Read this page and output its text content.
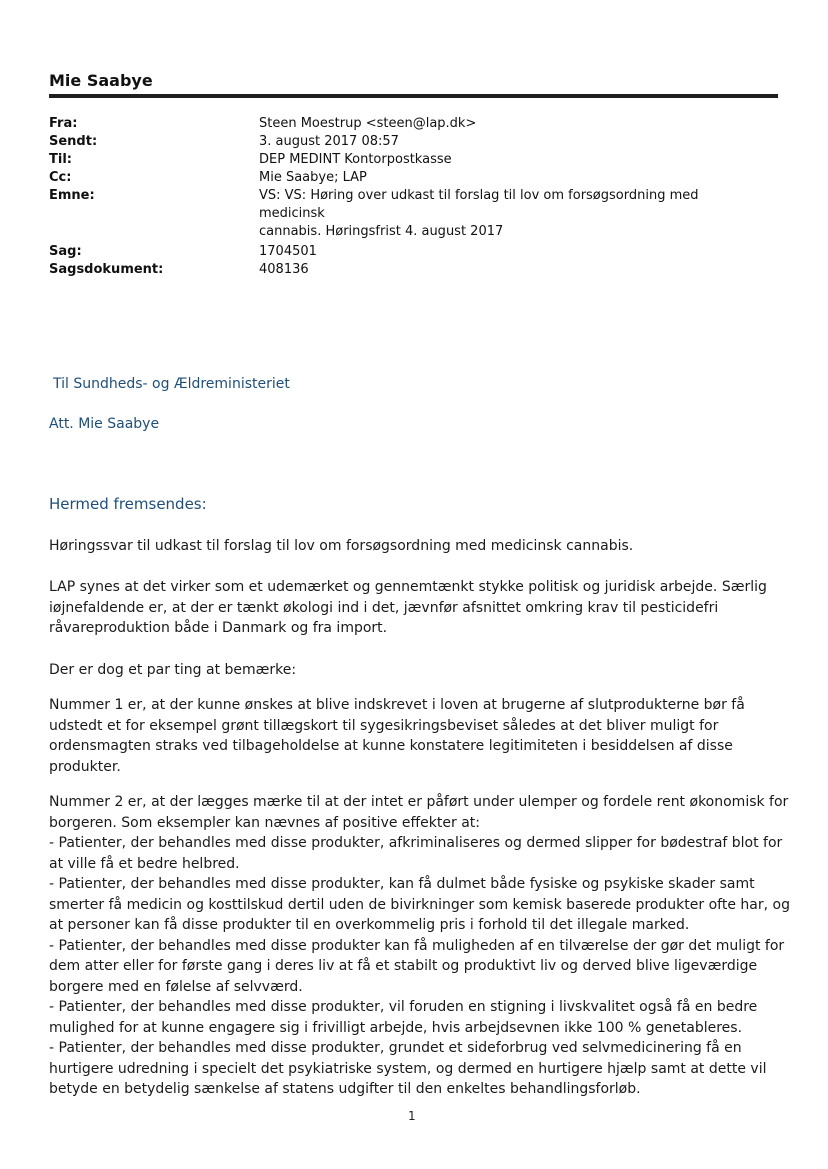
Mie Saabye
Fra:	Steen Moestrup <steen@lap.dk>
Sendt:	3. august 2017 08:57
Til:	DEP MEDINT Kontorpostkasse
Cc:	Mie Saabye; LAP
Emne:	VS: VS: Høring over udkast til forslag til lov om forsøgsordning med medicinsk
cannabis. Høringsfrist 4. august 2017
Sag:	1704501
Sagsdokument:	408136
Til Sundheds- og Ældreministeriet
Att. Mie Saabye
Hermed fremsendes:
Høringssvar til udkast til forslag til lov om forsøgsordning med medicinsk cannabis.
LAP synes at det virker som et udemærket og gennemtænkt stykke politisk og juridisk arbejde. Særlig
iøjnefaldende er, at der er tænkt økologi ind i det, jævnfør afsnittet omkring krav til pesticidefri
råvareproduktion både i Danmark og fra import.
Der er dog et par ting at bemærke:
Nummer 1 er, at der kunne ønskes at blive indskrevet i loven at brugerne af slutprodukterne bør få
udstedt et for eksempel grønt tillægskort til sygesikringsbeviset således at det bliver muligt for
ordensmagten straks ved tilbageholdelse at kunne konstatere legitimiteten i besiddelsen af disse
produkter.
Nummer 2 er, at der lægges mærke til at der intet er påført under ulemper og fordele rent økonomisk for
borgeren. Som eksempler kan nævnes af positive effekter at:
- Patienter, der behandles med disse produkter, afkriminaliseres og dermed slipper for bødestraf blot for
at ville få et bedre helbred.
- Patienter, der behandles med disse produkter, kan få dulmet både fysiske og psykiske skader samt
smerter få medicin og kosttilskud dertil uden de bivirkninger som kemisk baserede produkter ofte har, og
at personer kan få disse produkter til en overkommelig pris i forhold til det illegale marked.
- Patienter, der behandles med disse produkter kan få muligheden af en tilværelse der gør det muligt for
dem atter eller for første gang i deres liv at få et stabilt og produktivt liv og derved blive ligeværdige
borgere med en følelse af selvværd.
- Patienter, der behandles med disse produkter, vil foruden en stigning i livskvalitet også få en bedre
mulighed for at kunne engagere sig i frivilligt arbejde, hvis arbejdsevnen ikke 100 % genetableres.
- Patienter, der behandles med disse produkter, grundet et sideforbrug ved selvmedicinering få en
hurtigere udredning i specielt det psykiatriske system, og dermed en hurtigere hjælp samt at dette vil
betyde en betydelig sænkelse af statens udgifter til den enkeltes behandlingsforløb.
1
